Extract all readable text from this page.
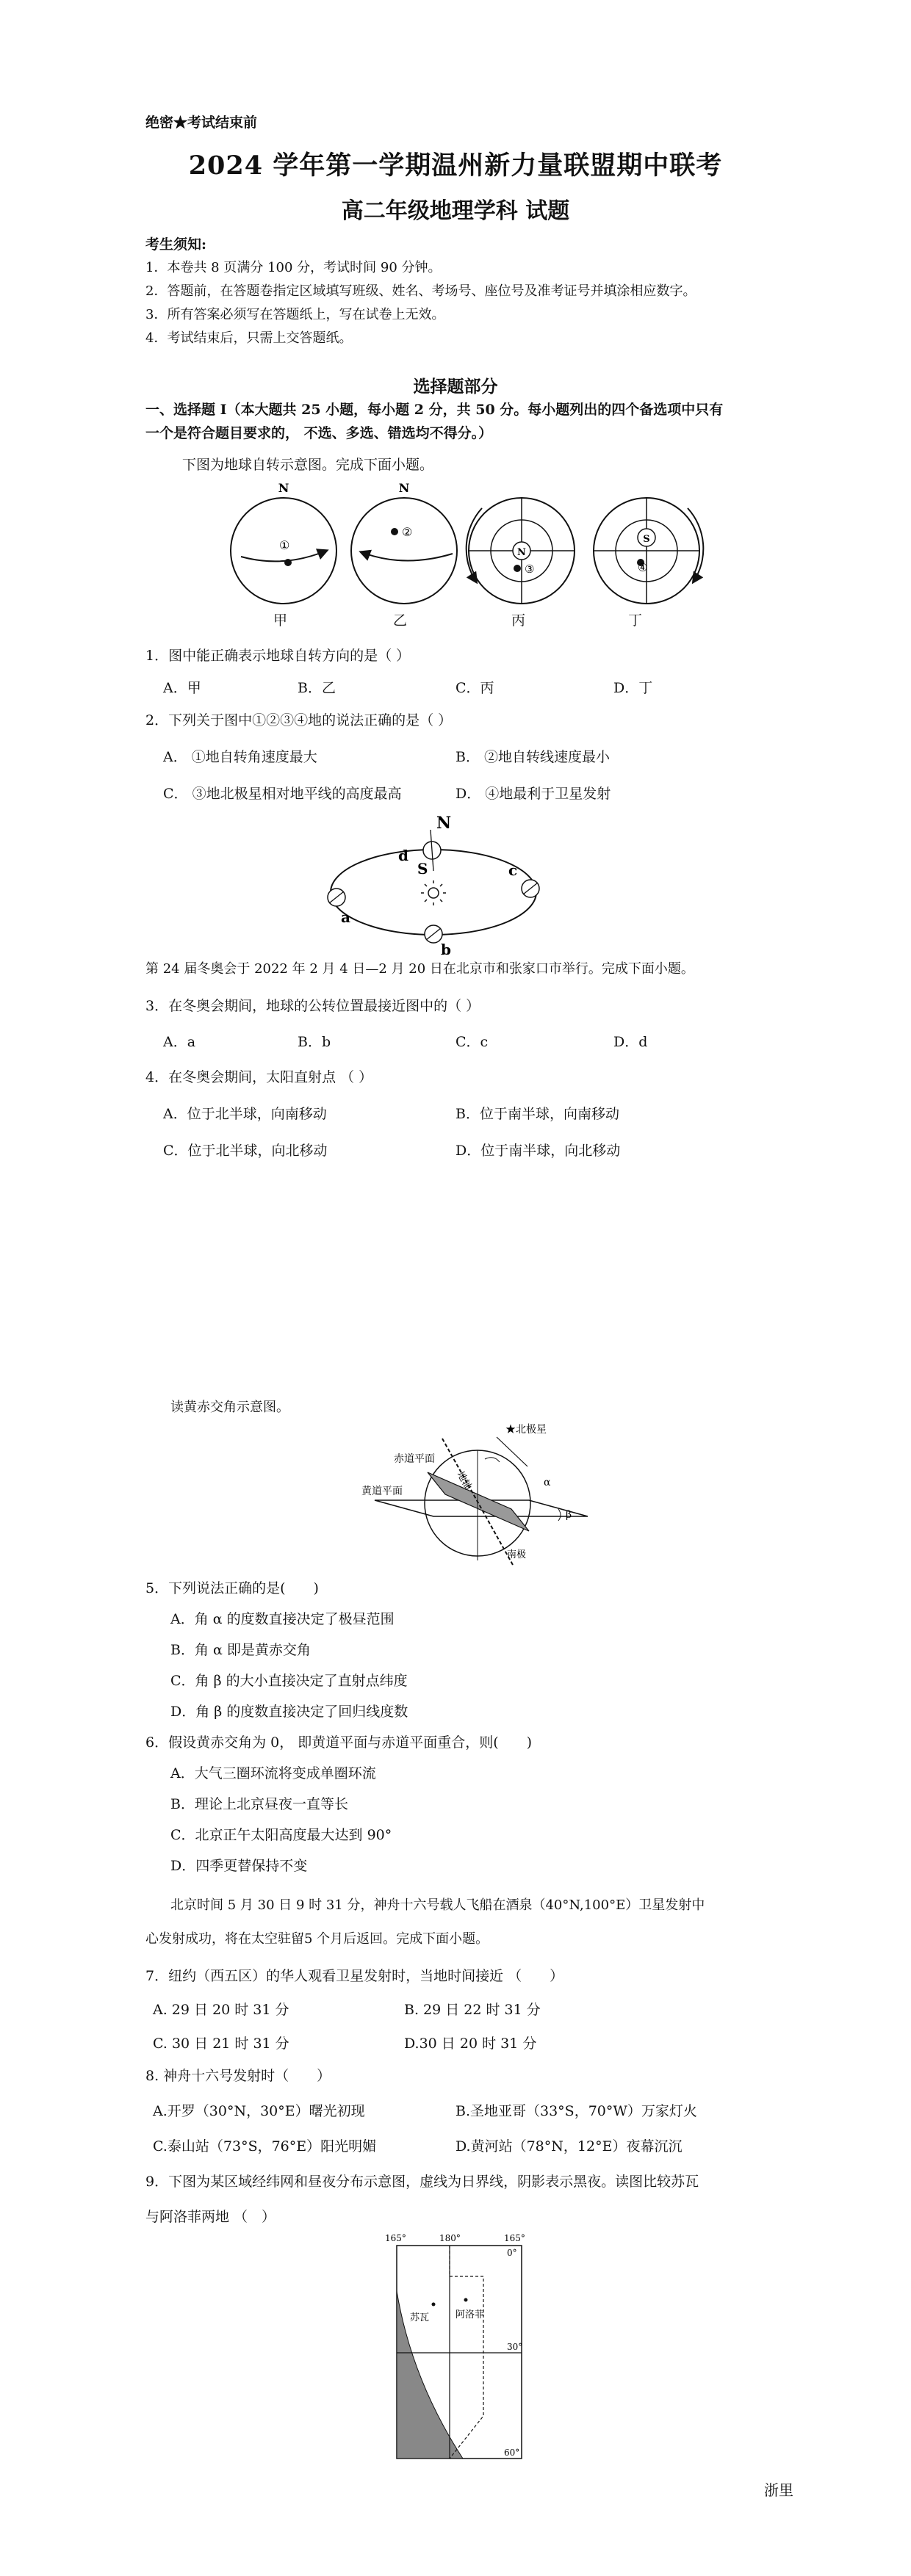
绝密★考试结束前
2024 学年第一学期温州新力量联盟期中联考
高二年级地理学科 试题
考生须知:
1．本卷共 8 页满分 100 分，考试时间 90 分钟。
2．答题前，在答题卷指定区域填写班级、姓名、考场号、座位号及准考证号并填涂相应数字。
3．所有答案必须写在答题纸上，写在试卷上无效。
4．考试结束后，只需上交答题纸。
选择题部分
一、选择题 Ⅰ（本大题共 25 小题，每小题 2 分，共 50 分。每小题列出的四个备选项中只有
一个是符合题目要求的， 不选、多选、错选均不得分。）
下图为地球自转示意图。完成下面小题。
N
①
N
②
N
③
S
④
甲	乙	丙	丁
1．图中能正确表示地球自转方向的是（ ）
A．甲	B．乙	C．丙	D．丁
2．下列关于图中①②③④地的说法正确的是（ ）
A． ①地自转角速度最大	B． ②地自转线速度最小
C． ③地北极星相对地平线的高度最高	D． ④地最利于卫星发射
N
S
a
b
c
d
第 24 届冬奥会于 2022 年 2 月 4 日—2 月 20 日在北京市和张家口市举行。完成下面小题。
3．在冬奥会期间，地球的公转位置最接近图中的（ ）
A．a	B．b	C．c	D．d
4．在冬奥会期间，太阳直射点 （ ）
A．位于北半球，向南移动	B．位于南半球，向南移动
C．位于北半球，向北移动	D．位于南半球，向北移动
读黄赤交角示意图。
★北极星
赤道平面
黄道平面	地轴
南极
α
β
5．下列说法正确的是(　　)
A．角 α 的度数直接决定了极昼范围
B．角 α 即是黄赤交角
C．角 β 的大小直接决定了直射点纬度
D．角 β 的度数直接决定了回归线度数
6．假设黄赤交角为 0， 即黄道平面与赤道平面重合，则(　　)
A．大气三圈环流将变成单圈环流
B．理论上北京昼夜一直等长
C．北京正午太阳高度最大达到 90°
D．四季更替保持不变
北京时间 5 月 30 日 9 时 31 分，神舟十六号载人飞船在酒泉（40°N,100°E）卫星发射中
心发射成功，将在太空驻留5 个月后返回。完成下面小题。
7．纽约（西五区）的华人观看卫星发射时，当地时间接近 （　　）
A. 29 日 20 时 31 分	B. 29 日 22 时 31 分
C. 30 日 21 时 31 分	D.30 日 20 时 31 分
8. 神舟十六号发射时（　　）
A.开罗（30°N，30°E）曙光初现	B.圣地亚哥（33°S，70°W）万家灯火
C.泰山站（73°S，76°E）阳光明媚	D.黄河站（78°N，12°E）夜幕沉沉
9．下图为某区域经纬网和昼夜分布示意图，虚线为日界线，阴影表示黑夜。读图比较苏瓦
与阿洛菲两地 （　）
苏瓦	阿洛菲
165°	180°	165°
0°
30°
60°
浙里
